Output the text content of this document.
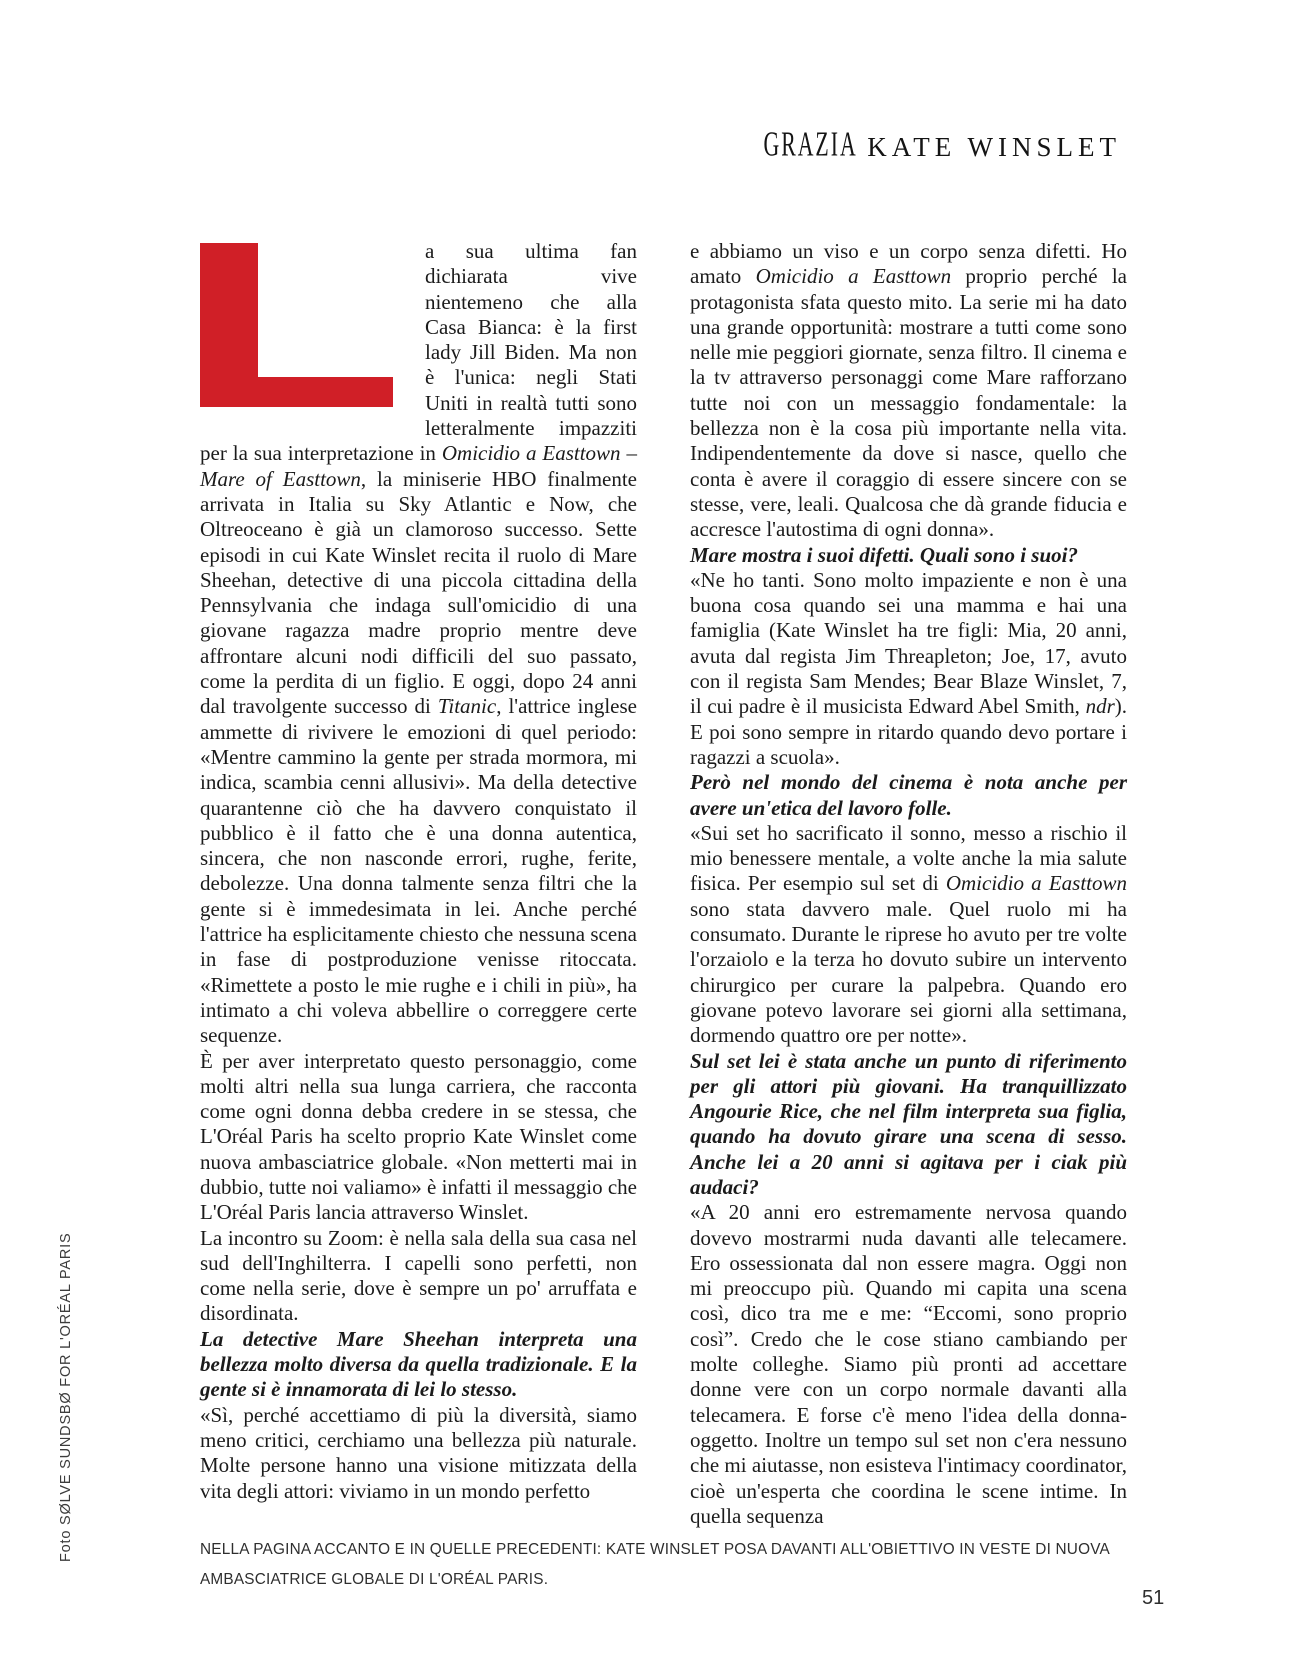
GRAZIA KATE WINSLET
Foto SØLVE SUNDSBØ FOR L'ORÉAL PARIS

a sua ultima fan dichiarata vive nientemeno che alla Casa Bianca: è la first lady Jill Biden. Ma non è l'unica: negli Stati Uniti in realtà tutti sono letteralmente impazziti per la sua interpretazione in Omicidio a Easttown – Mare of Easttown, la miniserie HBO finalmente arrivata in Italia su Sky Atlantic e Now, che Oltreoceano è già un clamoroso successo. Sette episodi in cui Kate Winslet recita il ruolo di Mare Sheehan, detective di una piccola cittadina della Pennsylvania che indaga sull'omicidio di una giovane ragazza madre proprio mentre deve affrontare alcuni nodi difficili del suo passato, come la perdita di un figlio. E oggi, dopo 24 anni dal travolgente successo di Titanic, l'attrice inglese ammette di rivivere le emozioni di quel periodo: «Mentre cammino la gente per strada mormora, mi indica, scambia cenni allusivi». Ma della detective quarantenne ciò che ha davvero conquistato il pubblico è il fatto che è una donna autentica, sincera, che non nasconde errori, rughe, ferite, debolezze. Una donna talmente senza filtri che la gente si è immedesimata in lei. Anche perché l'attrice ha esplicitamente chiesto che nessuna scena in fase di postproduzione venisse ritoccata. «Rimettete a posto le mie rughe e i chili in più», ha intimato a chi voleva abbellire o correggere certe sequenze.

È per aver interpretato questo personaggio, come molti altri nella sua lunga carriera, che racconta come ogni donna debba credere in se stessa, che L'Oréal Paris ha scelto proprio Kate Winslet come nuova ambasciatrice globale. «Non metterti mai in dubbio, tutte noi valiamo» è infatti il messaggio che L'Oréal Paris lancia attraverso Winslet.

La incontro su Zoom: è nella sala della sua casa nel sud dell'Inghilterra. I capelli sono perfetti, non come nella serie, dove è sempre un po' arruffata e disordinata.

La detective Mare Sheehan interpreta una bellezza molto diversa da quella tradizionale. E la gente si è innamorata di lei lo stesso.

«Sì, perché accettiamo di più la diversità, siamo meno critici, cerchiamo una bellezza più naturale. Molte persone hanno una visione mitizzata della vita degli attori: viviamo in un mondo perfetto

e abbiamo un viso e un corpo senza difetti. Ho amato Omicidio a Easttown proprio perché la protagonista sfata questo mito. La serie mi ha dato una grande opportunità: mostrare a tutti come sono nelle mie peggiori giornate, senza filtro. Il cinema e la tv attraverso personaggi come Mare rafforzano tutte noi con un messaggio fondamentale: la bellezza non è la cosa più importante nella vita. Indipendentemente da dove si nasce, quello che conta è avere il coraggio di essere sincere con se stesse, vere, leali. Qualcosa che dà grande fiducia e accresce l'autostima di ogni donna».

Mare mostra i suoi difetti. Quali sono i suoi?

«Ne ho tanti. Sono molto impaziente e non è una buona cosa quando sei una mamma e hai una famiglia (Kate Winslet ha tre figli: Mia, 20 anni, avuta dal regista Jim Threapleton; Joe, 17, avuto con il regista Sam Mendes; Bear Blaze Winslet, 7, il cui padre è il musicista Edward Abel Smith, ndr). E poi sono sempre in ritardo quando devo portare i ragazzi a scuola».

Però nel mondo del cinema è nota anche per avere un'etica del lavoro folle.

«Sui set ho sacrificato il sonno, messo a rischio il mio benessere mentale, a volte anche la mia salute fisica. Per esempio sul set di Omicidio a Easttown sono stata davvero male. Quel ruolo mi ha consumato. Durante le riprese ho avuto per tre volte l'orzaiolo e la terza ho dovuto subire un intervento chirurgico per curare la palpebra. Quando ero giovane potevo lavorare sei giorni alla settimana, dormendo quattro ore per notte».

Sul set lei è stata anche un punto di riferimento per gli attori più giovani. Ha tranquillizzato Angourie Rice, che nel film interpreta sua figlia, quando ha dovuto girare una scena di sesso. Anche lei a 20 anni si agitava per i ciak più audaci?

«A 20 anni ero estremamente nervosa quando dovevo mostrarmi nuda davanti alle telecamere. Ero ossessionata dal non essere magra. Oggi non mi preoccupo più. Quando mi capita una scena così, dico tra me e me: “Eccomi, sono proprio così”. Credo che le cose stiano cambiando per molte colleghe. Siamo più pronti ad accettare donne vere con un corpo normale davanti alla telecamera. E forse c'è meno l'idea della donna-oggetto. Inoltre un tempo sul set non c'era nessuno che mi aiutasse, non esisteva l'intimacy coordinator, cioè un'esperta che coordina le scene intime. In quella sequenza

NELLA PAGINA ACCANTO E IN QUELLE PRECEDENTI: KATE WINSLET POSA DAVANTI ALL'OBIETTIVO IN VESTE DI NUOVA
AMBASCIATRICE GLOBALE DI L'ORÉAL PARIS.
51
